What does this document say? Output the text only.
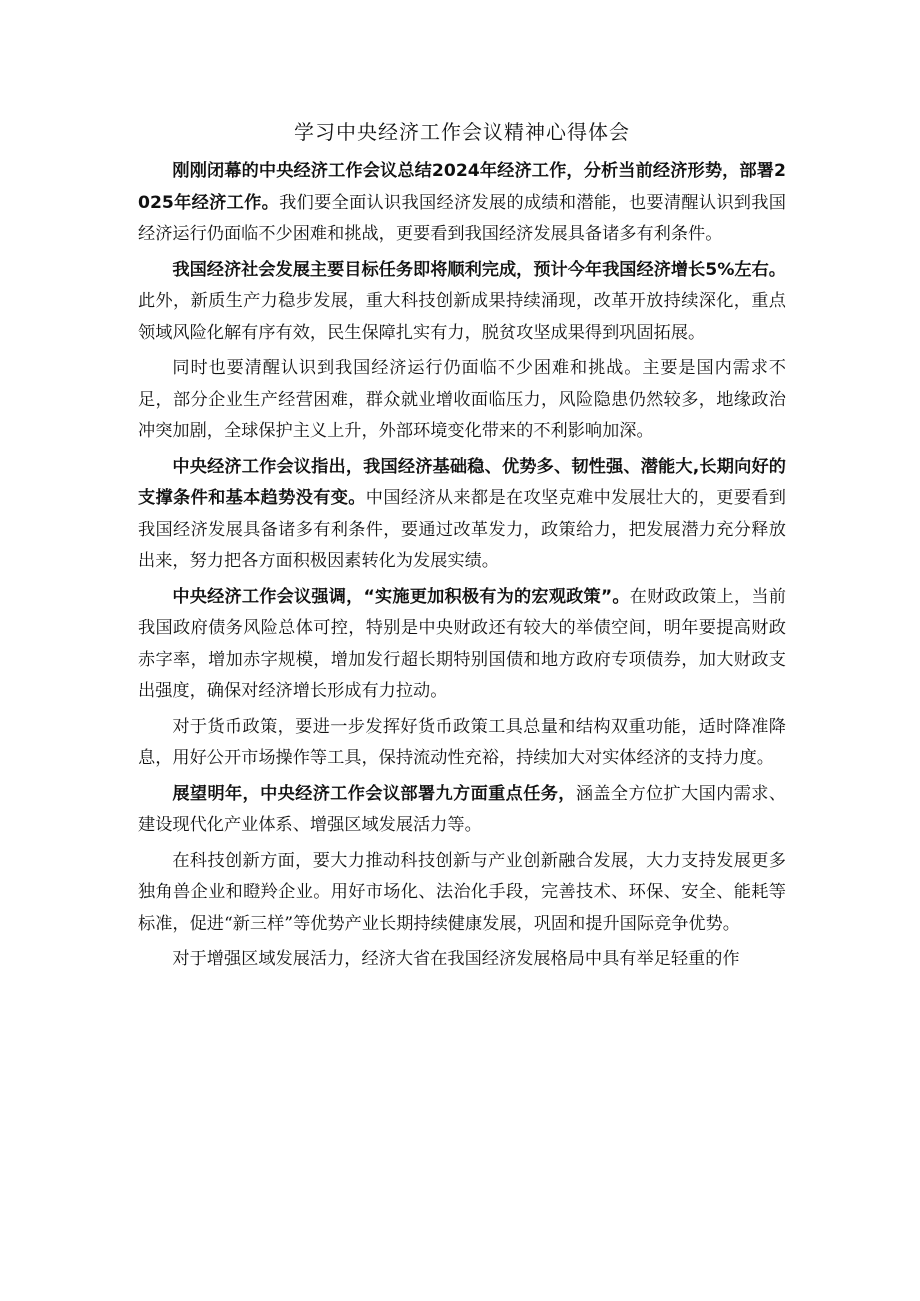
学习中央经济工作会议精神心得体会

刚刚闭幕的中央经济工作会议总结2024年经济工作，分析当前经济形势，部署2025年经济工作。我们要全面认识我国经济发展的成绩和潜能，也要清醒认识到我国经济运行仍面临不少困难和挑战，更要看到我国经济发展具备诸多有利条件。

我国经济社会发展主要目标任务即将顺利完成，预计今年我国经济增长5%左右。此外，新质生产力稳步发展，重大科技创新成果持续涌现，改革开放持续深化，重点领域风险化解有序有效，民生保障扎实有力，脱贫攻坚成果得到巩固拓展。

同时也要清醒认识到我国经济运行仍面临不少困难和挑战。主要是国内需求不足，部分企业生产经营困难，群众就业增收面临压力，风险隐患仍然较多，地缘政治冲突加剧，全球保护主义上升，外部环境变化带来的不利影响加深。

中央经济工作会议指出，我国经济基础稳、优势多、韧性强、潜能大,长期向好的支撑条件和基本趋势没有变。中国经济从来都是在攻坚克难中发展壮大的，更要看到我国经济发展具备诸多有利条件，要通过改革发力，政策给力，把发展潜力充分释放出来，努力把各方面积极因素转化为发展实绩。

中央经济工作会议强调，“实施更加积极有为的宏观政策”。在财政政策上，当前我国政府债务风险总体可控，特别是中央财政还有较大的举债空间，明年要提高财政赤字率，增加赤字规模，增加发行超长期特别国债和地方政府专项债券，加大财政支出强度，确保对经济增长形成有力拉动。

对于货币政策，要进一步发挥好货币政策工具总量和结构双重功能，适时降准降息，用好公开市场操作等工具，保持流动性充裕，持续加大对实体经济的支持力度。

展望明年，中央经济工作会议部署九方面重点任务，涵盖全方位扩大国内需求、建设现代化产业体系、增强区域发展活力等。

在科技创新方面，要大力推动科技创新与产业创新融合发展，大力支持发展更多独角兽企业和瞪羚企业。用好市场化、法治化手段，完善技术、环保、安全、能耗等标准，促进“新三样”等优势产业长期持续健康发展，巩固和提升国际竞争优势。

对于增强区域发展活力，经济大省在我国经济发展格局中具有举足轻重的作
